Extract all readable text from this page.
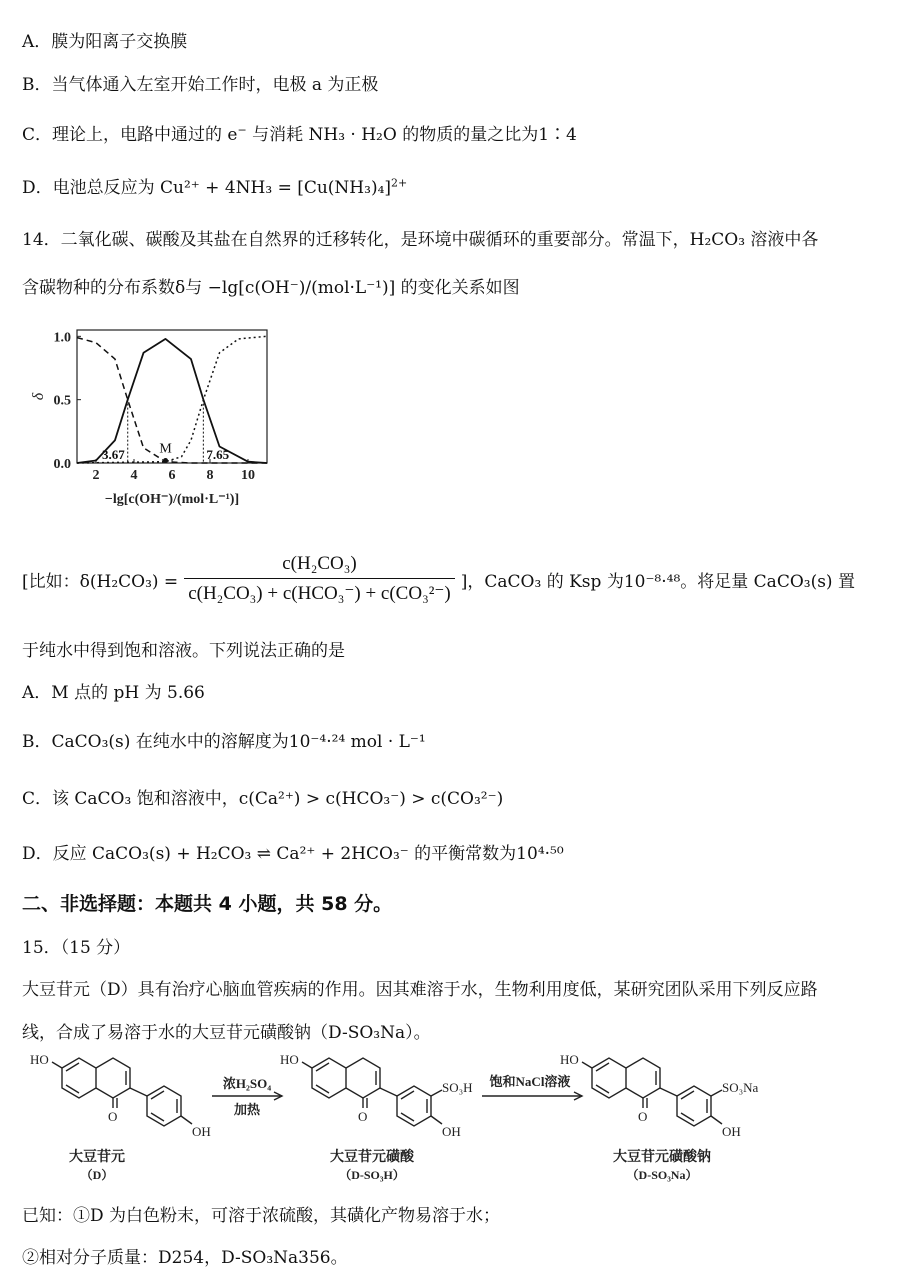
A．膜为阳离子交换膜
B．当气体通入左室开始工作时，电极 a 为正极
C．理论上，电路中通过的 e− 与消耗 NH₃ · H₂O 的物质的量之比为1∶4
D．电池总反应为 $Cu^{2+} + 4NH_3 = [Cu(NH_3)_4]^{2+}$
14．二氧化碳、碳酸及其盐在自然界的迁移转化，是环境中碳循环的重要部分。常温下，H₂CO₃ 溶液中各
含碳物种的分布系数δ与 −lg[c(OH⁻)/(mol·L⁻¹)] 的变化关系如图
2 4 6 8 10
0.0
0.5
1.0
δ
−lg[c(OH⁻)/(mol·L⁻¹)]
3.67	7.65
M
[比如：$\delta(H_2CO_3) = \frac{\text{c(H₂CO₃)}}{\text{c(H₂CO₃) + c(HCO₃⁻) + c(CO₃²⁻)}}$ ]，CaCO₃ 的 Ksp 为10⁻⁸·⁴⁸。将足量 CaCO₃(s) 置
于纯水中得到饱和溶液。下列说法正确的是
A．M 点的 pH 为 5.66
B．CaCO₃(s) 在纯水中的溶解度为10⁻⁴·²⁴ mol · L⁻¹
C．该 CaCO₃ 饱和溶液中，c(Ca²⁺) > c(HCO₃⁻) > c(CO₃²⁻)
D．反应 CaCO₃(s) + H₂CO₃ ⇌ Ca²⁺ + 2HCO₃⁻ 的平衡常数为10⁴·⁵⁰
二、非选择题：本题共 4 小题，共 58 分。
15．（15 分）
大豆苷元（D）具有治疗心脑血管疾病的作用。因其难溶于水，生物利用度低，某研究团队采用下列反应路
线，合成了易溶于水的大豆苷元磺酸钠（D-SO₃Na）。
HO
O
OH
HO
O
SO₃H
OH
HO
O
SO₃Na
OH
浓H₂SO₄
加热
饱和NaCl溶液
大豆苷元
（D）
大豆苷元磺酸
（D-SO₃H）
大豆苷元磺酸钠
（D-SO₃Na）
已知：①D 为白色粉末，可溶于浓硫酸，其磺化产物易溶于水；
②相对分子质量：D254，D-SO₃Na356。
